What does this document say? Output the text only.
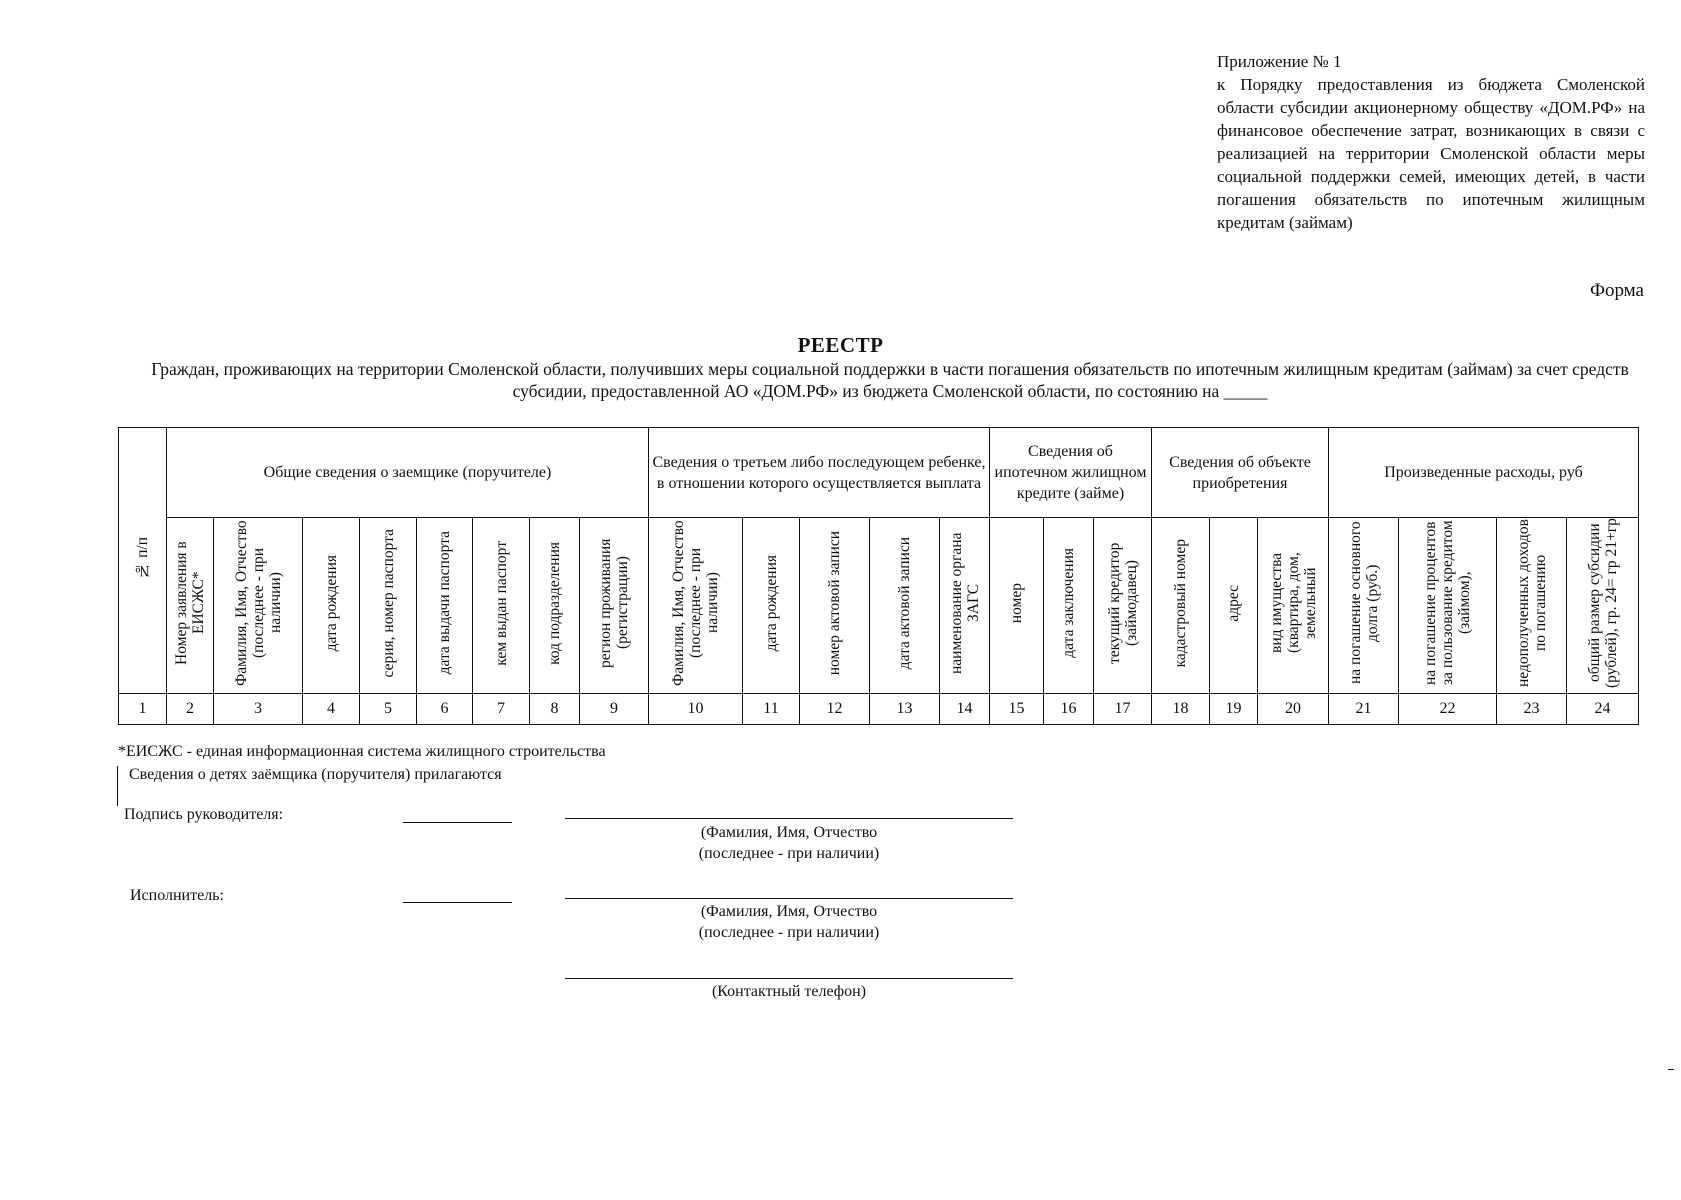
Приложение № 1
к Порядку предоставления из бюджета Смоленской области субсидии акционерному обществу «ДОМ.РФ» на финансовое обеспечение затрат, возникающих в связи с реализацией на территории Смоленской области меры социальной поддержки семей, имеющих детей, в части погашения обязательств по ипотечным жилищным кредитам (займам)
Форма
РЕЕСТР
Граждан, проживающих на территории Смоленской области, получивших меры социальной поддержки в части погашения обязательств по ипотечным жилищным кредитам (займам) за счет средств субсидии, предоставленной АО «ДОМ.РФ» из бюджета Смоленской области, по состоянию на _____
№ п/п	Общие сведения о заемщике (поручителе)								Сведения о третьем либо последующем ребенке, в отношении которого осуществляется выплата					Сведения об ипотечном жилищном кредите (займе)			Сведения об объекте приобретения			Произведенные расходы, руб			
	Номер заявления в ЕИСЖС*	Фамилия, Имя, Отчество (последнее - при наличии)	дата рождения	серия, номер паспорта	дата выдачи паспорта	кем выдан паспорт	код подразделения	регион проживания (регистрации)	Фамилия, Имя, Отчество (последнее - при наличии)	дата рождения	номер актовой записи	дата актовой записи	наименование органа ЗАГС	номер	дата заключения	текущий кредитор (займодавец)	кадастровый номер	адрес	вид имущества (квартира, дом, земельный	на погашение основного долга (руб.)	на погашение процентов за пользование кредитом (займом),	недополученных доходов по погашению	общий размер субсидии (рублей), гр. 24= гр 21+гр
1	2	3	4	5	6	7	8	9	10	11	12	13	14	15	16	17	18	19	20	21	22	23	24
*ЕИСЖС - единая информационная система жилищного строительства
Сведения о детях заёмщика (поручителя) прилагаются
Подпись руководителя:
(Фамилия, Имя, Отчество
(последнее - при наличии)
Исполнитель:
(Фамилия, Имя, Отчество
(последнее - при наличии)
(Контактный телефон)
